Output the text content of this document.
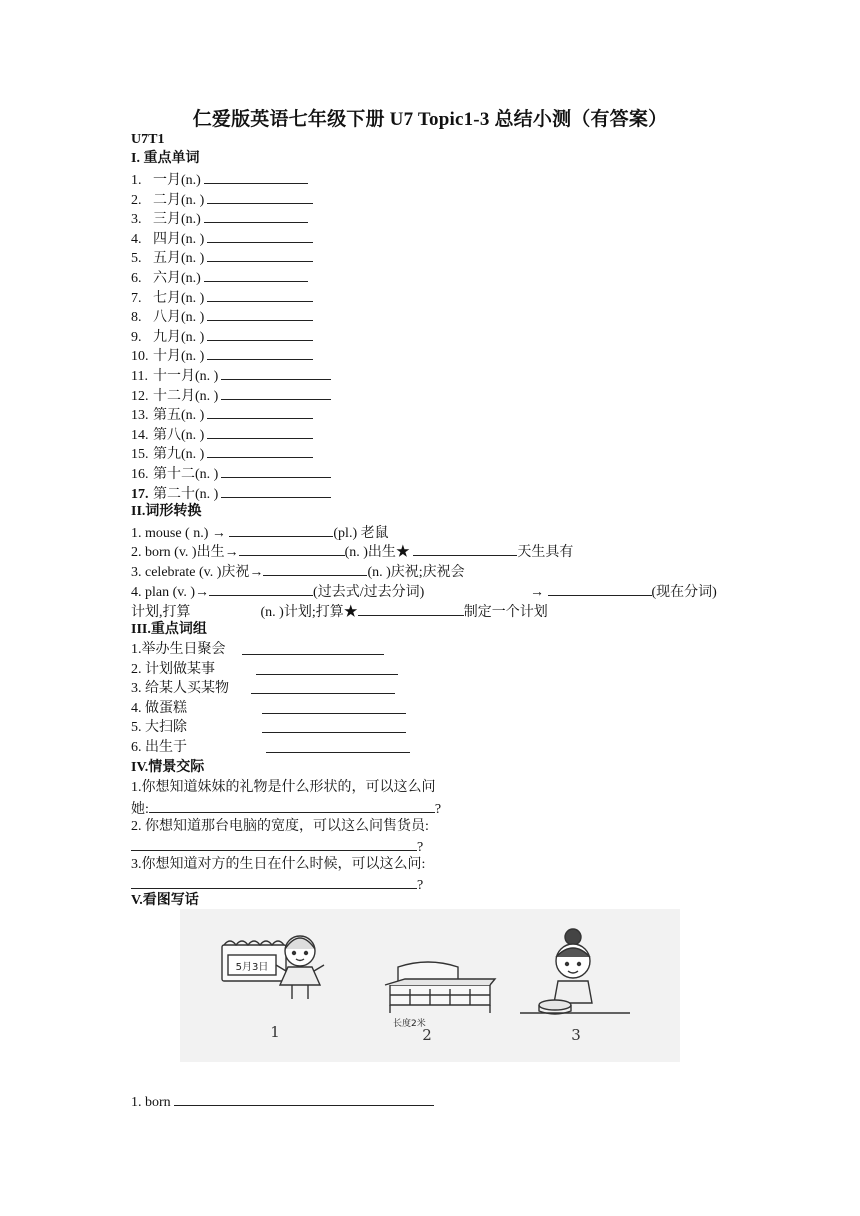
仁爱版英语七年级下册 U7 Topic1-3 总结小测（有答案）
U7T1
I. 重点单词
1. 一月(n.)
2. 二月(n. )
3. 三月(n.)
4. 四月(n. )
5. 五月(n. )
6. 六月(n.)
7. 七月(n. )
8. 八月(n. )
9. 九月(n. )
10. 十月(n. )
11. 十一月(n. )
12. 十二月(n. )
13. 第五(n. )
14. 第八(n. )
15. 第九(n. )
16. 第十二(n. )
17. 第二十(n. )
II.词形转换
1. mouse ( n.) →	(pl.) 老鼠
2. born (v. )出生→	(n. )出生★	天生具有
3. celebrate (v. )庆祝→	(n. )庆祝;庆祝会
4. plan (v. )→	(过去式/过去分词)	→	(现在分词)
计划,打算	(n. )计划;打算★	制定一个计划
III.重点词组
1.举办生日聚会
2. 计划做某事
3. 给某人买某物
4. 做蛋糕
5. 大扫除
6. 出生于
IV.情景交际
1.你想知道妹妹的礼物是什么形状的，可以这么问
她:	?
2. 你想知道那台电脑的宽度，可以这么问售货员:
?
3.你想知道对方的生日在什么时候，可以这么问:
?
V.看图写话
5月3日
长度2米
1	2	3
1. born
